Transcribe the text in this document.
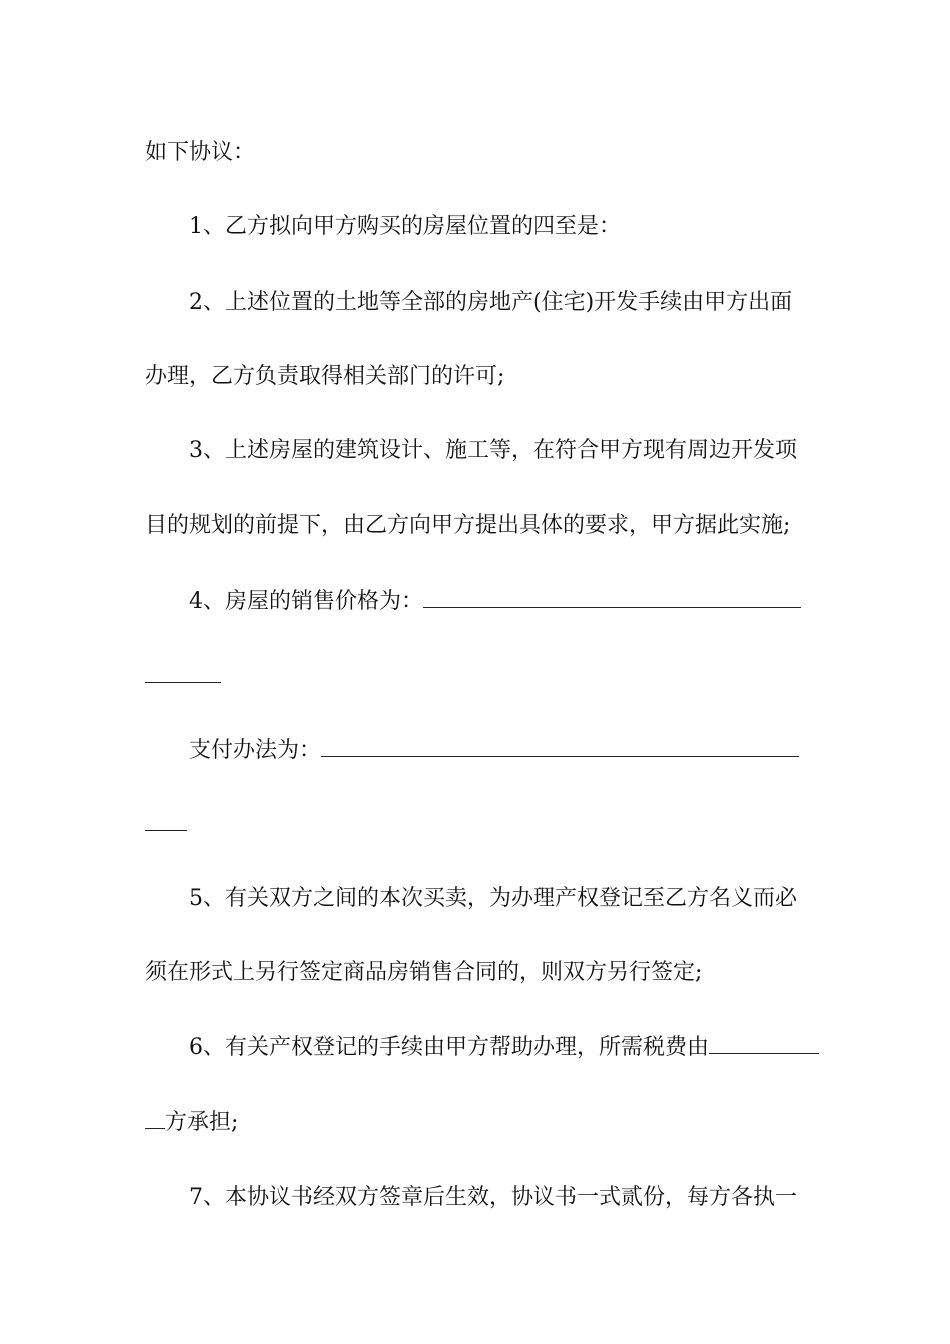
如下协议：

1、乙方拟向甲方购买的房屋位置的四至是：

2、上述位置的土地等全部的房地产(住宅)开发手续由甲方出面

办理，乙方负责取得相关部门的许可;

3、上述房屋的建筑设计、施工等，在符合甲方现有周边开发项

目的规划的前提下，由乙方向甲方提出具体的要求，甲方据此实施;

4、房屋的销售价格为：

支付办法为：

5、有关双方之间的本次买卖，为办理产权登记至乙方名义而必

须在形式上另行签定商品房销售合同的，则双方另行签定;

6、有关产权登记的手续由甲方帮助办理，所需税费由

方承担;

7、本协议书经双方签章后生效，协议书一式贰份，每方各执一
